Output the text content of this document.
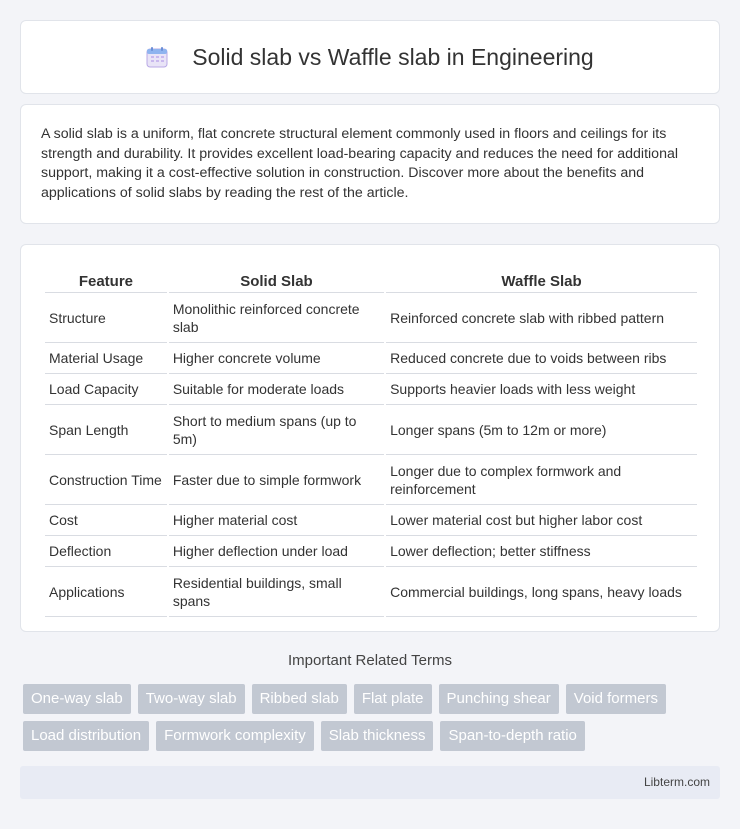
Solid slab vs Waffle slab in Engineering

A solid slab is a uniform, flat concrete structural element commonly used in floors and ceilings for its strength and durability. It provides excellent load-bearing capacity and reduces the need for additional support, making it a cost-effective solution in construction. Discover more about the benefits and applications of solid slabs by reading the rest of the article.

Feature	Solid Slab	Waffle Slab
Structure	Monolithic reinforced concrete slab	Reinforced concrete slab with ribbed pattern
Material Usage	Higher concrete volume	Reduced concrete due to voids between ribs
Load Capacity	Suitable for moderate loads	Supports heavier loads with less weight
Span Length	Short to medium spans (up to 5m)	Longer spans (5m to 12m or more)
Construction Time	Faster due to simple formwork	Longer due to complex formwork and reinforcement
Cost	Higher material cost	Lower material cost but higher labor cost
Deflection	Higher deflection under load	Lower deflection; better stiffness
Applications	Residential buildings, small spans	Commercial buildings, long spans, heavy loads
Important Related Terms
One-way slab	Two-way slab	Ribbed slab	Flat plate	Punching shear	Void formers
Load distribution	Formwork complexity	Slab thickness	Span-to-depth ratio
Libterm.com
